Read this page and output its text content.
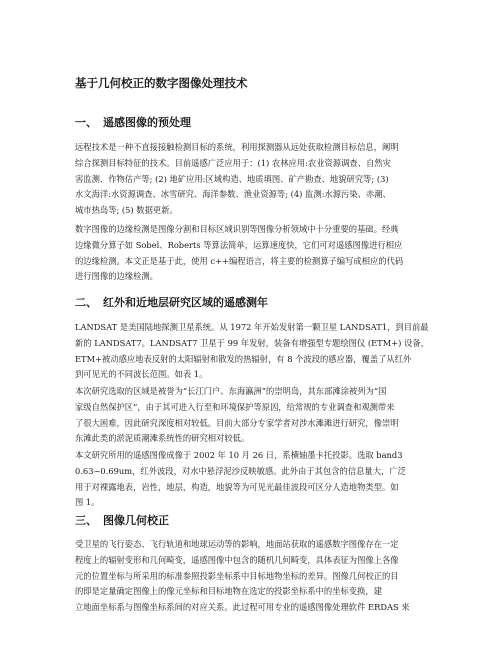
基于几何校正的数字图像处理技术
一、 遥感图像的预处理
远程技术是一种不直接接触检测目标的系统，利用探测器从远处获取检测目标信息，阐明
综合探测目标特征的技术。目前遥感广泛应用于：(1) 农林应用:农业资源调查、自然灾
害监测、作物估产等; (2) 地矿应用:区域构造、地质填图、矿产勘查、地貌研究等; (3)
水文海洋:水资源调查、冰雪研究、海洋参数、渔业资源等; (4) 监测:水源污染、赤潮、
城市热岛等; (5) 数据更新。
数字图像的边缘检测是图像分割和目标区域识别等图像分析领域中十分重要的基础。经典
边缘微分算子如 Sobel、Roberts 等算法简单，运算速度快，它们可对遥感图像进行相应
的边缘检测。本文正是基于此，使用 c++编程语言，将主要的检测算子编写成相应的代码
进行图像的边缘检测。
二、 红外和近地层研究区域的遥感测年
LANDSAT 是美国陆地探测卫星系统。从 1972 年开始发射第一颗卫星 LANDSAT1，到目前最
新的 LANDSAT7。LANDSAT7 卫星于 99 年发射，装备有增强型专题绘图仪 (ETM+) 设备，
ETM+被动感应地表反射的太阳辐射和散发的热辐射，有 8 个波段的感应器，覆盖了从红外
到可见光的不同波长范围。如表 1。
本次研究选取的区域是被誉为“长江门户、东海瀛洲”的崇明岛，其东部滩涂被列为“国
家级自然保护区”，由于其可进入行至和环境保护等原因，给常规的专业调查和观测带来
了很大困难，因此研究深度相对较低。目前大部分专家学者对涉水滩滩进行研究，像崇明
东滩此类的淤泥质潮滩系统性的研究相对较低。
本文研究所用的遥感图像成像于 2002 年 10 月 26 日，系横轴墨卡托投影。选取 band3
0.63~0.69um，红外波段，对水中悬浮泥沙反映敏感。此外由于其包含的信息量大，广泛
用于对裸露地表，岩性，地层，构造，地貌等为可见光最佳波段可区分人造地物类型。如
图 1。
三、 图像几何校正
受卫星的飞行姿态、飞行轨道和地球运动等的影响，地面站获取的遥感数字图像存在一定
程度上的辐射变形和几何畸变，遥感图像中包含的随机几何畸变，具体表征为图像上各像
元的位置坐标与所采用的标准参照投影坐标系中目标地物坐标的差异。图像几何校正的目
的即是定量确定图像上的像元坐标和目标地物在选定的投影坐标系中的坐标变换，建
立地面坐标系与图像坐标系间的对应关系。此过程可用专业的遥感图像处理软件 ERDAS 来
